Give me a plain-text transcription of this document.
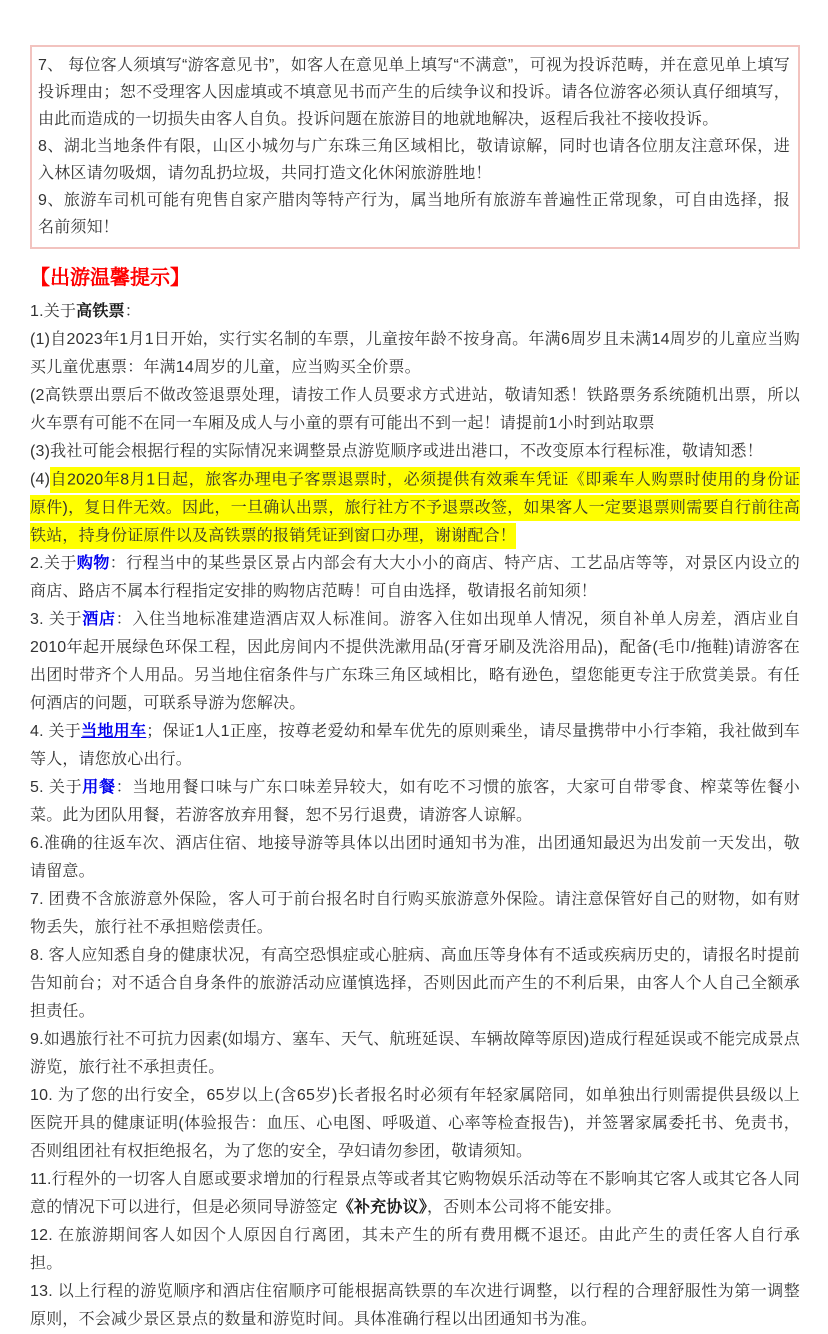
7、 每位客人须填写“游客意见书”，如客人在意见单上填写“不满意”，可视为投诉范畴，并在意见单上填写投诉理由；恕不受理客人因虚填或不填意见书而产生的后续争议和投诉。请各位游客必须认真仔细填写，由此而造成的一切损失由客人自负。投诉问题在旅游目的地就地解决，返程后我社不接收投诉。

8、湖北当地条件有限，山区小城勿与广东珠三角区域相比，敬请谅解，同时也请各位朋友注意环保，进入林区请勿吸烟，请勿乱扔垃圾，共同打造文化休闲旅游胜地！

9、旅游车司机可能有兜售自家产腊肉等特产行为，属当地所有旅游车普遍性正常现象，可自由选择，报名前须知！

【出游温馨提示】

1.关于高铁票：

(1)自2023年1月1日开始，实行实名制的车票，儿童按年龄不按身高。年满6周岁且未满14周岁的儿童应当购买儿童优惠票：年满14周岁的儿童，应当购买全价票。

(2高铁票出票后不做改签退票处理，请按工作人员要求方式进站，敬请知悉！铁路票务系统随机出票，所以火车票有可能不在同一车厢及成人与小童的票有可能出不到一起！请提前1小时到站取票

(3)我社可能会根据行程的实际情况来调整景点游览顺序或进出港口，不改变原本行程标准，敬请知悉！

(4)自2020年8月1日起，旅客办理电子客票退票时，必须提供有效乘车凭证《即乘车人购票时使用的身份证原件)，复日件无效。因此，一旦确认出票，旅行社方不予退票改签，如果客人一定要退票则需要自行前往高铁站，持身份证原件以及高铁票的报销凭证到窗口办理，谢谢配合！

2.关于购物：行程当中的某些景区景占内部会有大大小小的商店、特产店、工艺品店等等，对景区内设立的商店、路店不属本行程指定安排的购物店范畴！可自由选择，敬请报名前知须！

3. 关于酒店：入住当地标准建造酒店双人标准间。游客入住如出现单人情况，须自补单人房差，酒店业自2010年起开展绿色环保工程，因此房间内不提供洗漱用品(牙膏牙刷及洗浴用品)，配备(毛巾/拖鞋)请游客在出团时带齐个人用品。另当地住宿条件与广东珠三角区域相比，略有逊色，望您能更专注于欣赏美景。有任何酒店的问题，可联系导游为您解决。

4. 关于当地用车；保证1人1正座，按尊老爱幼和晕车优先的原则乘坐，请尽量携带中小行李箱，我社做到车等人，请您放心出行。

5. 关于用餐：当地用餐口味与广东口味差异较大，如有吃不习惯的旅客，大家可自带零食、榨菜等佐餐小菜。此为团队用餐，若游客放弃用餐，恕不另行退费，请游客人谅解。

6.准确的往返车次、酒店住宿、地接导游等具体以出团时通知书为准，出团通知最迟为出发前一天发出，敬请留意。

7. 团费不含旅游意外保险，客人可于前台报名时自行购买旅游意外保险。请注意保管好自己的财物，如有财物丢失，旅行社不承担赔偿责任。

8. 客人应知悉自身的健康状况，有高空恐惧症或心脏病、高血压等身体有不适或疾病历史的，请报名时提前告知前台；对不适合自身条件的旅游活动应谨慎选择，否则因此而产生的不利后果，由客人个人自己全额承担责任。

9.如遇旅行社不可抗力因素(如塌方、塞车、天气、航班延误、车辆故障等原因)造成行程延误或不能完成景点游览，旅行社不承担责任。

10. 为了您的出行安全，65岁以上(含65岁)长者报名时必须有年轻家属陪同，如单独出行则需提供县级以上医院开具的健康证明(体验报告：血压、心电图、呼吸道、心率等检查报告)，并签署家属委托书、免责书，否则组团社有权拒绝报名，为了您的安全，孕妇请勿参团，敬请须知。

11.行程外的一切客人自愿或要求增加的行程景点等或者其它购物娱乐活动等在不影响其它客人或其它各人同意的情况下可以进行，但是必须同导游签定《补充协议》，否则本公司将不能安排。

12. 在旅游期间客人如因个人原因自行离团，其未产生的所有费用概不退还。由此产生的责任客人自行承担。

13. 以上行程的游览顺序和酒店住宿顺序可能根据高铁票的车次进行调整，以行程的合理舒服性为第一调整原则，不会减少景区景点的数量和游览时间。具体准确行程以出团通知书为准。
